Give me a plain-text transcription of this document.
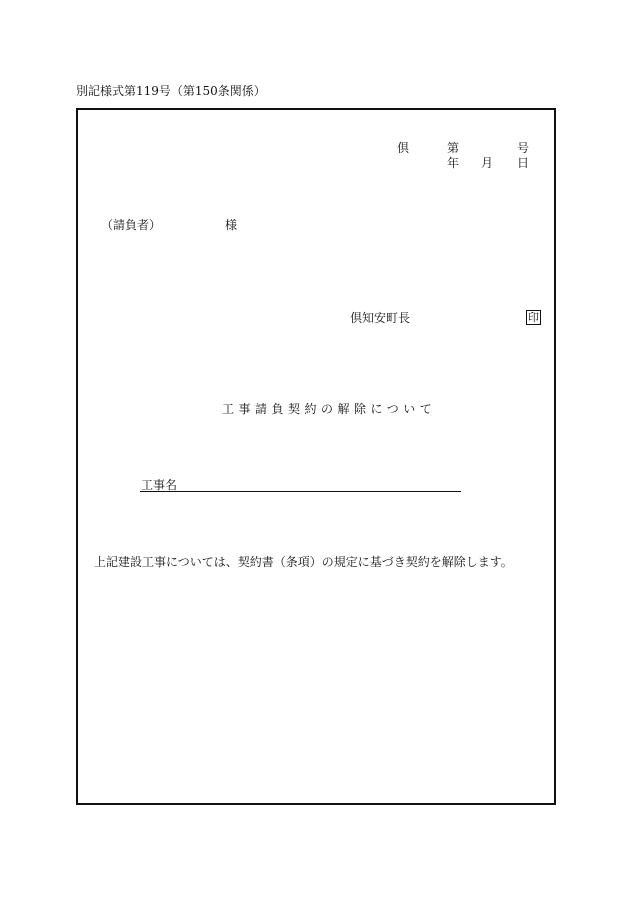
別記様式第119号（第150条関係）
倶	第	号
年 月 日
（請負者）	様
倶知安町長	印
工事請負契約の解除について
工事名
上記建設工事については、契約書（条項）の規定に基づき契約を解除します。
